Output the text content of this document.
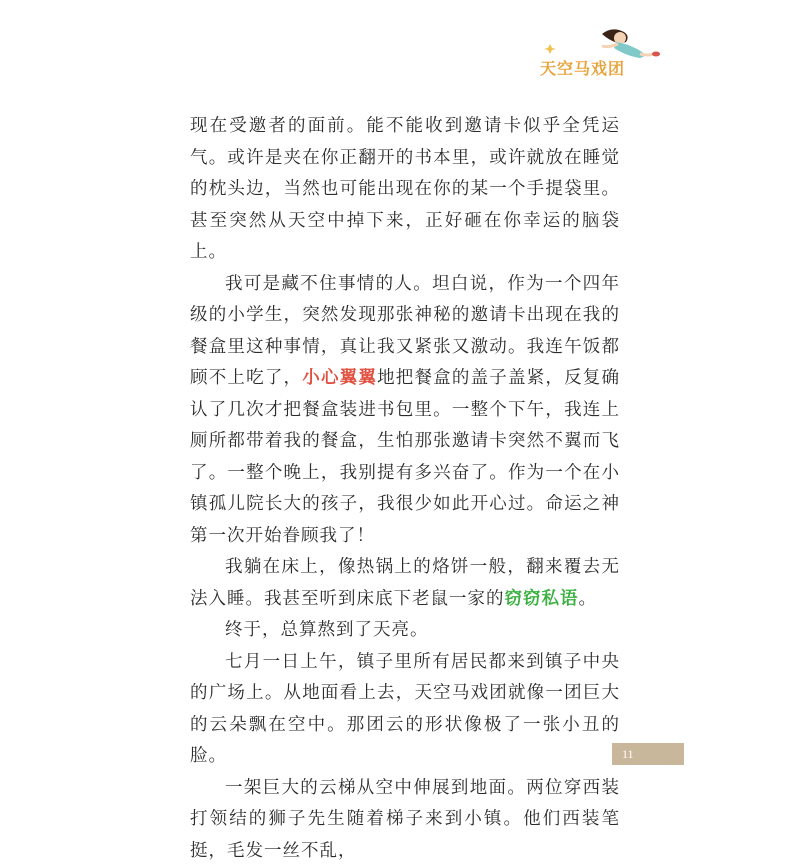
天空马戏团

现在受邀者的面前。能不能收到邀请卡似乎全凭运气。或许是夹在你正翻开的书本里，或许就放在睡觉的枕头边，当然也可能出现在你的某一个手提袋里。甚至突然从天空中掉下来，正好砸在你幸运的脑袋上。

我可是藏不住事情的人。坦白说，作为一个四年级的小学生，突然发现那张神秘的邀请卡出现在我的餐盒里这种事情，真让我又紧张又激动。我连午饭都顾不上吃了，小心翼翼地把餐盒的盖子盖紧，反复确认了几次才把餐盒装进书包里。一整个下午，我连上厕所都带着我的餐盒，生怕那张邀请卡突然不翼而飞了。一整个晚上，我别提有多兴奋了。作为一个在小镇孤儿院长大的孩子，我很少如此开心过。命运之神第一次开始眷顾我了！

我躺在床上，像热锅上的烙饼一般，翻来覆去无法入睡。我甚至听到床底下老鼠一家的窃窃私语。

终于，总算熬到了天亮。

七月一日上午，镇子里所有居民都来到镇子中央的广场上。从地面看上去，天空马戏团就像一团巨大的云朵飘在空中。那团云的形状像极了一张小丑的脸。

一架巨大的云梯从空中伸展到地面。两位穿西装打领结的狮子先生随着梯子来到小镇。他们西装笔挺，毛发一丝不乱，

11
